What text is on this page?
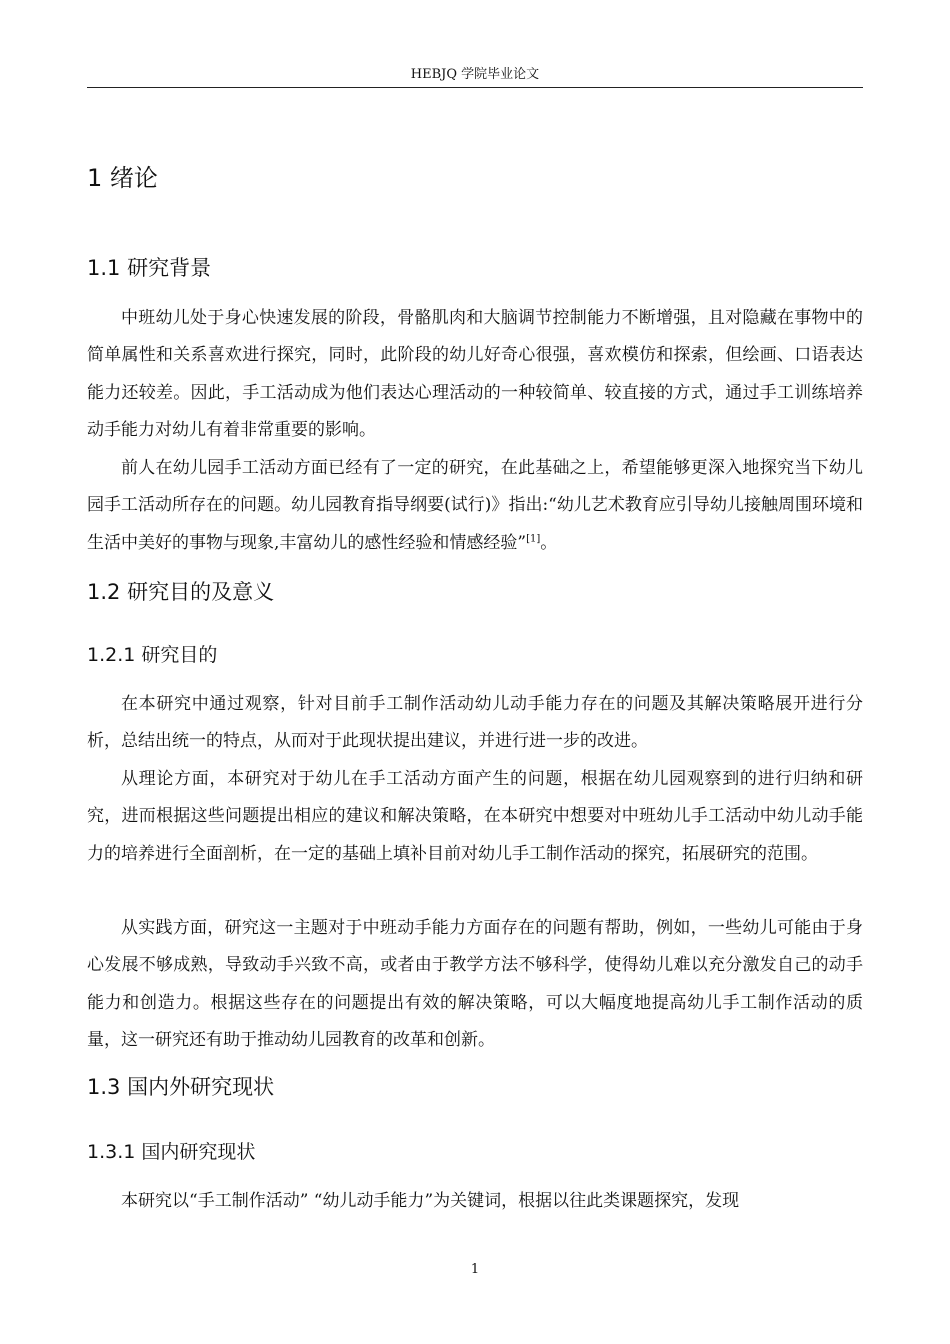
HEBJQ 学院毕业论文
1 绪论
1.1 研究背景

中班幼儿处于身心快速发展的阶段，骨骼肌肉和大脑调节控制能力不断增强，且对隐藏在事物中的简单属性和关系喜欢进行探究，同时，此阶段的幼儿好奇心很强，喜欢模仿和探索，但绘画、口语表达能力还较差。因此，手工活动成为他们表达心理活动的一种较简单、较直接的方式，通过手工训练培养动手能力对幼儿有着非常重要的影响。

前人在幼儿园手工活动方面已经有了一定的研究，在此基础之上，希望能够更深入地探究当下幼儿园手工活动所存在的问题。幼儿园教育指导纲要(试行)》指出:“幼儿艺术教育应引导幼儿接触周围环境和生活中美好的事物与现象,丰富幼儿的感性经验和情感经验”[1]。

1.2 研究目的及意义
1.2.1 研究目的

在本研究中通过观察，针对目前手工制作活动幼儿动手能力存在的问题及其解决策略展开进行分析，总结出统一的特点，从而对于此现状提出建议，并进行进一步的改进。

从理论方面，本研究对于幼儿在手工活动方面产生的问题，根据在幼儿园观察到的进行归纳和研究，进而根据这些问题提出相应的建议和解决策略，在本研究中想要对中班幼儿手工活动中幼儿动手能力的培养进行全面剖析，在一定的基础上填补目前对幼儿手工制作活动的探究，拓展研究的范围。

从实践方面，研究这一主题对于中班动手能力方面存在的问题有帮助，例如，一些幼儿可能由于身心发展不够成熟，导致动手兴致不高，或者由于教学方法不够科学，使得幼儿难以充分激发自己的动手能力和创造力。根据这些存在的问题提出有效的解决策略，可以大幅度地提高幼儿手工制作活动的质量，这一研究还有助于推动幼儿园教育的改革和创新。

1.3 国内外研究现状
1.3.1 国内研究现状

本研究以“手工制作活动” “幼儿动手能力”为关键词，根据以往此类课题探究，发现

1
